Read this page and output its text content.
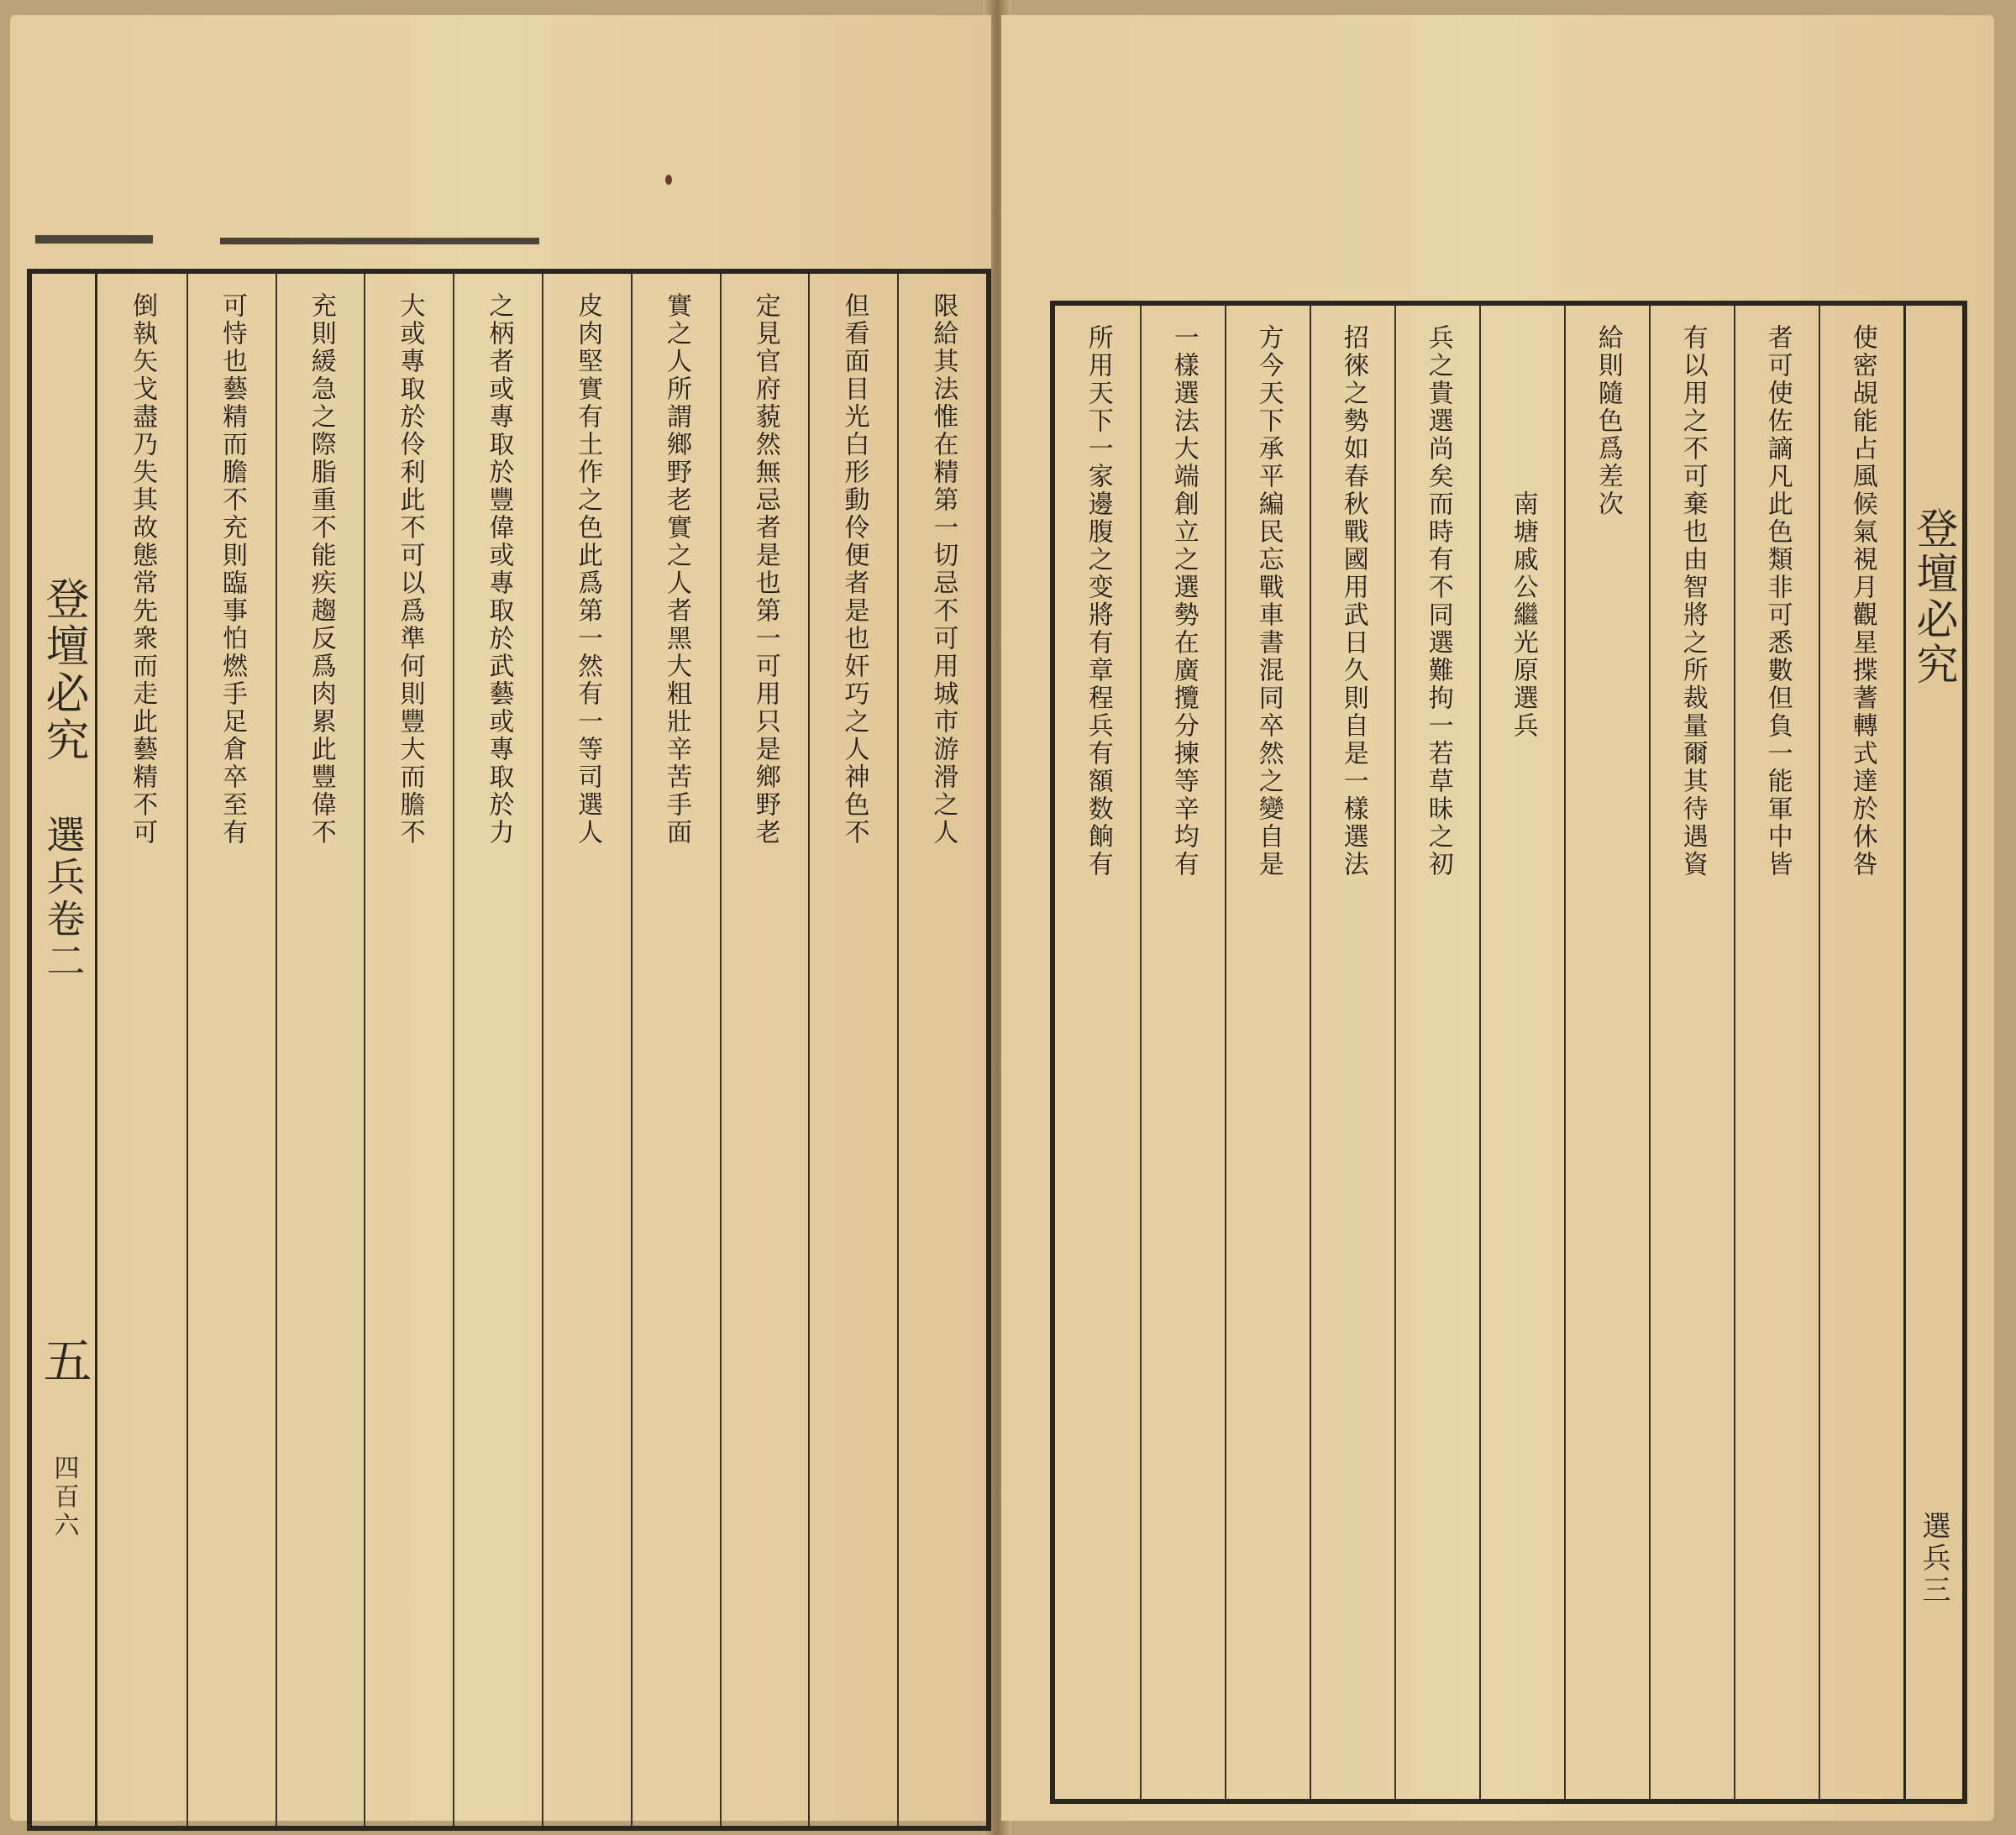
登壇必究
選兵卷二
五
四百六
限給其法惟在精第一切忌不可用城市游滑之人
但看面目光白形動伶便者是也奸巧之人神色不
定見官府藐然無忌者是也第一可用只是鄉野老
實之人所謂鄉野老實之人者黑大粗壯辛苦手面
皮肉堅實有土作之色此爲第一然有一等司選人
之柄者或專取於豐偉或專取於武藝或專取於力
大或專取於伶利此不可以爲準何則豐大而膽不
充則緩急之際脂重不能疾趨反爲肉累此豐偉不
可恃也藝精而膽不充則臨事怕燃手足倉卒至有
倒執矢戈盡乃失其故態常先衆而走此藝精不可	登壇必究
選兵三
使密覘能占風候氣視月觀星揲蓍轉式達於休咎
者可使佐謫凡此色類非可悉數但負一能軍中皆
有以用之不可棄也由智將之所裁量爾其待遇資
給則隨色爲差次
南塘戚公繼光原選兵
兵之貴選尚矣而時有不同選難拘一若草昧之初
招徠之勢如春秋戰國用武日久則自是一樣選法
方今天下承平編民忘戰車書混同卒然之變自是
一樣選法大端創立之選勢在廣攬分揀等辛均有
所用天下一家邊腹之变將有章程兵有額数餉有
